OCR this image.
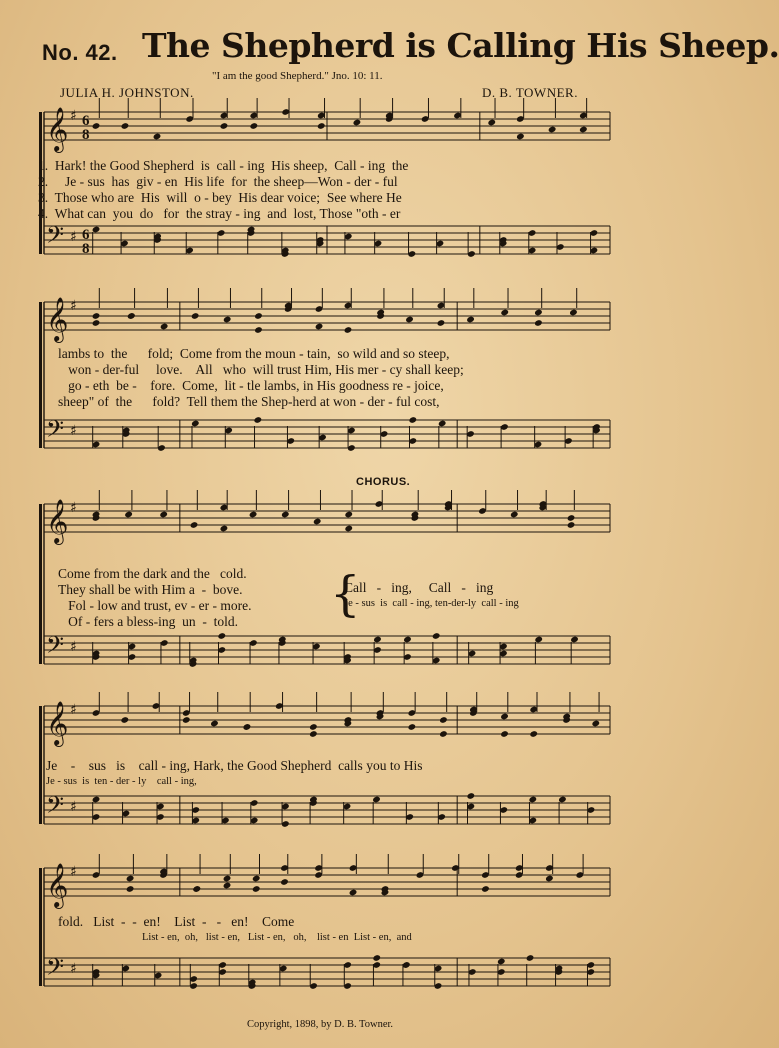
No. 42. The Shepherd is Calling His Sheep.
"I am the good Shepherd." Jno. 10: 11.
JULIA H. JOHNSTON.	D. B. TOWNER.
𝄞 ♯ 6
8
𝄢 ♯ 6
8
1.  Hark! the Good Shepherd  is  call - ing  His sheep,  Call - ing  the
2.     Je - sus  has  giv - en  His life  for  the sheep—Won - der - ful
3.  Those who are  His  will  o - bey  His dear voice;  See where He
4.  What can  you  do   for  the stray - ing  and  lost, Those "oth - er
𝄞 ♯
𝄢 ♯
lambs to  the      fold;  Come from the moun - tain,  so wild and so steep,
won - der-ful     love.    All   who  will trust Him, His mer - cy shall keep;
go - eth  be -    fore.  Come,  lit - tle lambs, in His goodness re - joice,
sheep" of  the      fold?  Tell them the Shep-herd at won - der - ful cost,
CHORUS.
𝄞 ♯
𝄢 ♯
Come from the dark and the   cold.
They shall be with Him a  -  bove.
Fol - low and trust, ev - er - more.
Of - fers a bless-ing  un  -  told.	{
Call   -   ing,     Call   -   ing
Je - sus  is  call - ing, ten-der-ly  call - ing
𝄞 ♯
𝄢 ♯
Je    -    sus   is    call - ing, Hark, the Good Shepherd  calls you to His
Je - sus  is  ten - der - ly    call - ing,
𝄞 ♯
𝄢 ♯
fold.   List  -  -  en!    List  -   -   en!    Come
List - en,  oh,   list - en,   List - en,   oh,    list - en  List - en,  and
Copyright, 1898, by D. B. Towner.
